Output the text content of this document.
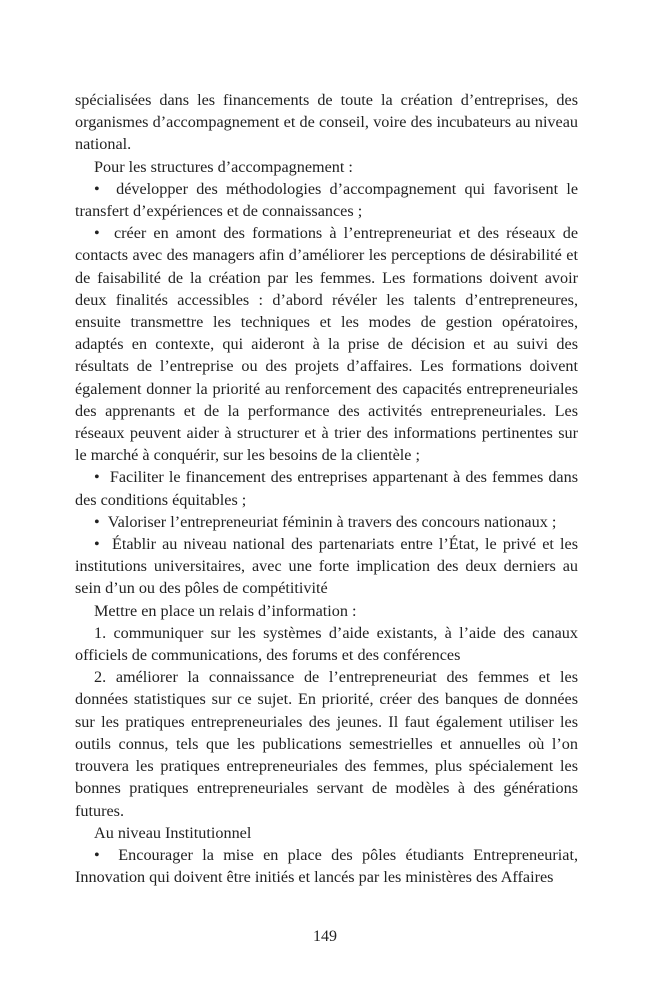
spécialisées dans les financements de toute la création d’entreprises, des organismes d’accompagnement et de conseil, voire des incubateurs au niveau national.

Pour les structures d’accompagnement :

•  développer des méthodologies d’accompagnement qui favorisent le transfert d’expériences et de connaissances ;

•  créer en amont des formations à l’entrepreneuriat et des réseaux de contacts avec des managers afin d’améliorer les perceptions de désirabilité et de faisabilité de la création par les femmes. Les formations doivent avoir deux finalités accessibles : d’abord révéler les talents d’entrepreneures, ensuite transmettre les techniques et les modes de gestion opératoires, adaptés en contexte, qui aideront à la prise de décision et au suivi des résultats de l’entreprise ou des projets d’affaires. Les formations doivent également donner la priorité au renforcement des capacités entrepreneuriales des apprenants et de la performance des activités entrepreneuriales. Les réseaux peuvent aider à structurer et à trier des informations pertinentes sur le marché à conquérir, sur les besoins de la clientèle ;

•  Faciliter le financement des entreprises appartenant à des femmes dans des conditions équitables ;

•  Valoriser l’entrepreneuriat féminin à travers des concours nationaux ;

•  Établir au niveau national des partenariats entre l’État, le privé et les institutions universitaires, avec une forte implication des deux derniers au sein d’un ou des pôles de compétitivité

Mettre en place un relais d’information :

1. communiquer sur les systèmes d’aide existants, à l’aide des canaux officiels de communications, des forums et des conférences

2. améliorer la connaissance de l’entrepreneuriat des femmes et les données statistiques sur ce sujet. En priorité, créer des banques de données sur les pratiques entrepreneuriales des jeunes. Il faut également utiliser les outils connus, tels que les publications semestrielles et annuelles où l’on trouvera les pratiques entrepreneuriales des femmes, plus spécialement les bonnes pratiques entrepreneuriales servant de modèles à des générations futures.

Au niveau Institutionnel

•  Encourager la mise en place des pôles étudiants Entrepreneuriat, Innovation qui doivent être initiés et lancés par les ministères des Affaires

149
